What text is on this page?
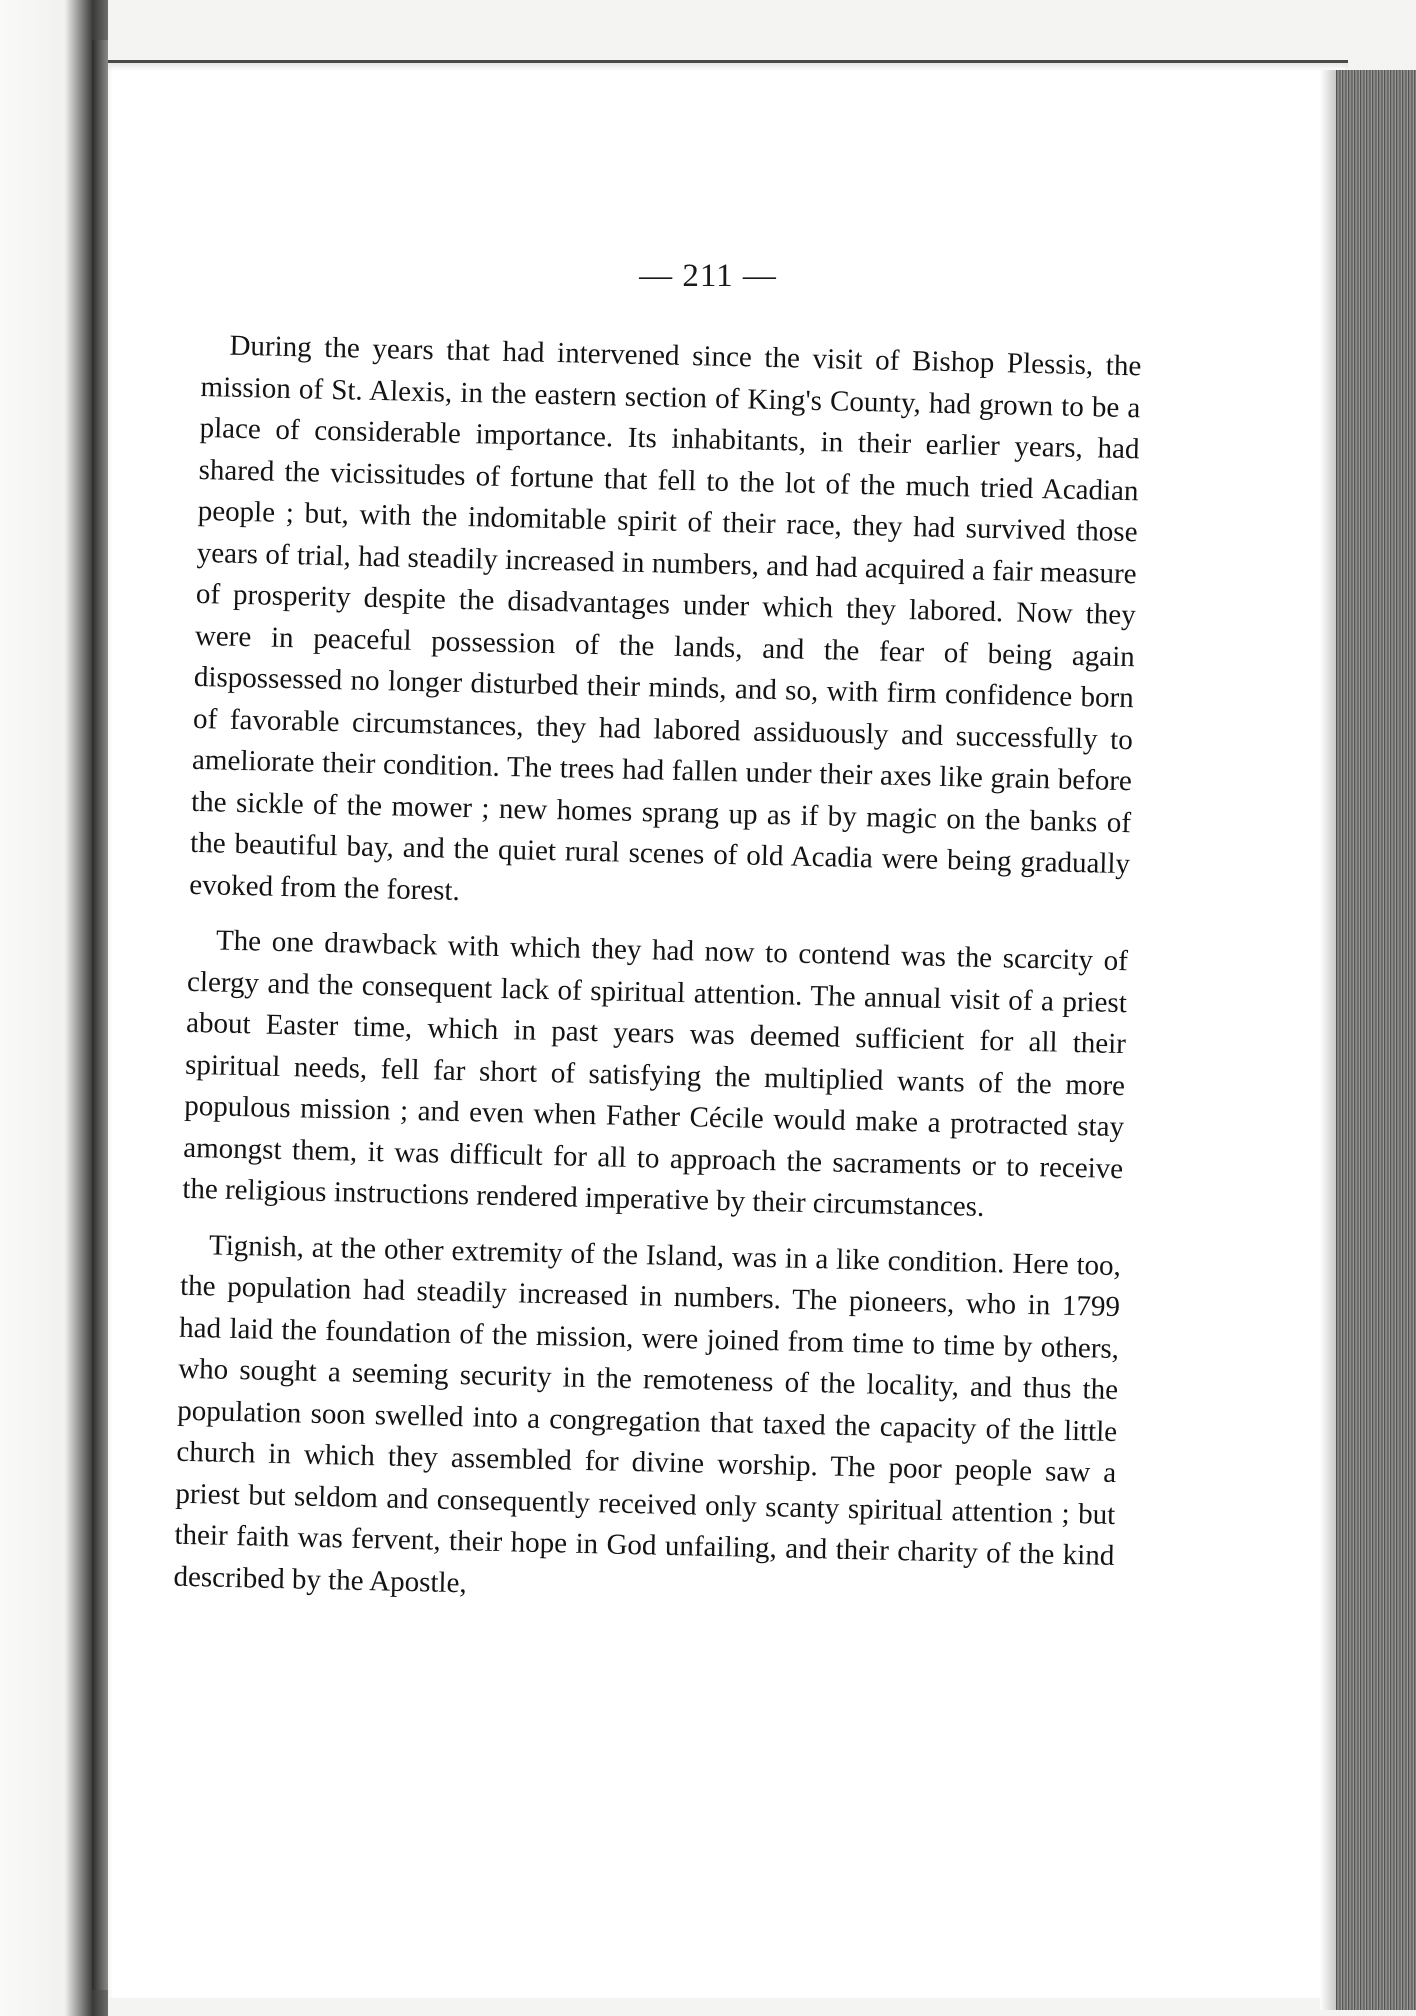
— 211 —

During the years that had intervened since the visit of Bishop Plessis, the mission of St. Alexis, in the eastern section of King's County, had grown to be a place of considerable importance. Its inhabitants, in their earlier years, had shared the vicissitudes of fortune that fell to the lot of the much tried Acadian people ; but, with the indomitable spirit of their race, they had survived those years of trial, had steadily increased in numbers, and had acquired a fair measure of prosperity despite the disadvantages under which they labored. Now they were in peaceful possession of the lands, and the fear of being again dispossessed no longer disturbed their minds, and so, with firm confidence born of favorable circumstances, they had labored assiduously and successfully to ameliorate their condition. The trees had fallen under their axes like grain before the sickle of the mower ; new homes sprang up as if by magic on the banks of the beautiful bay, and the quiet rural scenes of old Acadia were being gradually evoked from the forest.

The one drawback with which they had now to contend was the scarcity of clergy and the consequent lack of spiritual attention. The annual visit of a priest about Easter time, which in past years was deemed sufficient for all their spiritual needs, fell far short of satisfying the multiplied wants of the more populous mission ; and even when Father Cécile would make a protracted stay amongst them, it was difficult for all to approach the sacraments or to receive the religious instructions rendered imperative by their circumstances.

Tignish, at the other extremity of the Island, was in a like condition. Here too, the population had steadily increased in numbers. The pioneers, who in 1799 had laid the foundation of the mission, were joined from time to time by others, who sought a seeming security in the remoteness of the locality, and thus the population soon swelled into a congregation that taxed the capacity of the little church in which they assembled for divine worship. The poor people saw a priest but seldom and consequently received only scanty spiritual attention ; but their faith was fervent, their hope in God unfailing, and their charity of the kind described by the Apostle,
